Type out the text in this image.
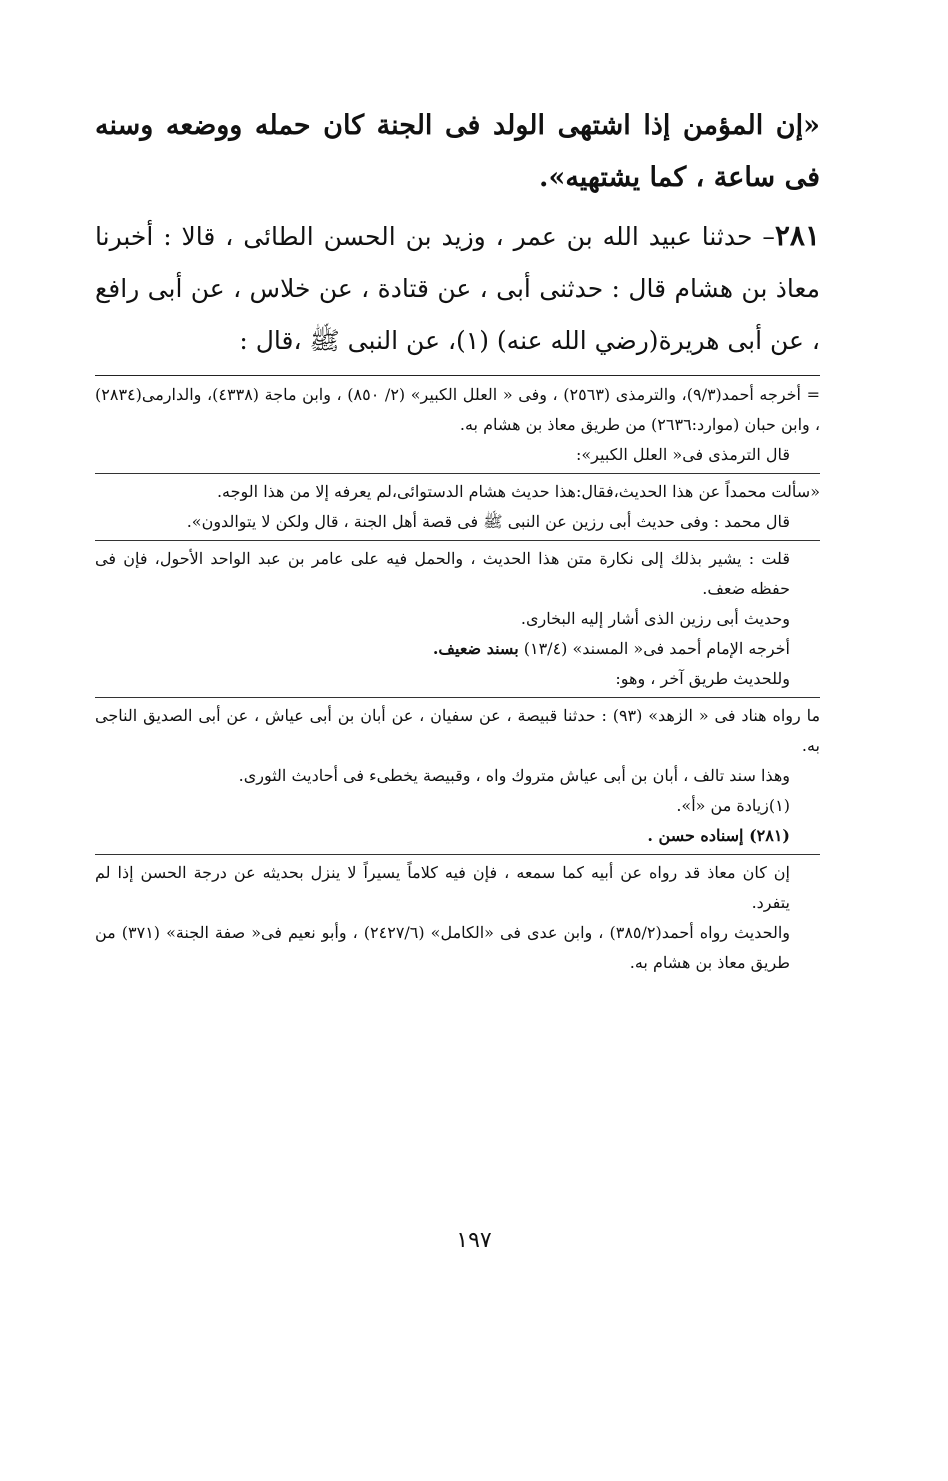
«إن المؤمن إذا اشتهى الولد فى الجنة كان حمله ووضعه وسنه فى ساعة ، كما يشتهيه».

٢٨١– حدثنا عبيد الله بن عمر ، وزيد بن الحسن الطائى ، قالا : أخبرنا معاذ بن هشام قال : حدثنى أبى ، عن قتادة ، عن خلاس ، عن أبى رافع ، عن أبى هريرة(رضي الله عنه) (١)، عن النبى ﷺ ،قال :

= أخرجه أحمد(٩/٣)، والترمذى (٢٥٦٣) ، وفى « العلل الكبير» (٢/ ٨٥٠) ، وابن ماجة (٤٣٣٨)، والدارمى(٢٨٣٤) ، وابن حبان (موارد:٢٦٣٦) من طريق معاذ بن هشام به.

قال الترمذى فى« العلل الكبير»:

«سألت محمداً عن هذا الحديث،فقال:هذا حديث هشام الدستوائى،لم يعرفه إلا من هذا الوجه.

قال محمد : وفى حديث أبى رزين عن النبى ﷺ فى قصة أهل الجنة ، قال ولكن لا يتوالدون».

قلت : يشير بذلك إلى نكارة متن هذا الحديث ، والحمل فيه على عامر بن عبد الواحد الأحول، فإن فى حفظه ضعف.

وحديث أبى رزين الذى أشار إليه البخارى.

أخرجه الإمام أحمد فى« المسند» (١٣/٤) بسند ضعيف.

وللحديث طريق آخر ، وهو:

ما رواه هناد فى « الزهد» (٩٣) : حدثنا قبيصة ، عن سفيان ، عن أبان بن أبى عياش ، عن أبى الصديق الناجى به.

وهذا سند تالف ، أبان بن أبى عياش متروك واه ، وقبيصة يخطىء فى أحاديث الثورى.

(١)زيادة من «أ».

(٢٨١) إسناده حسن .

إن كان معاذ قد رواه عن أبيه كما سمعه ، فإن فيه كلاماً يسيراً لا ينزل بحديثه عن درجة الحسن إذا لم يتفرد.

والحديث رواه أحمد(٣٨٥/٢) ، وابن عدى فى «الكامل» (٢٤٢٧/٦) ، وأبو نعيم فى« صفة الجنة» (٣٧١) من طريق معاذ بن هشام به.

١٩٧
